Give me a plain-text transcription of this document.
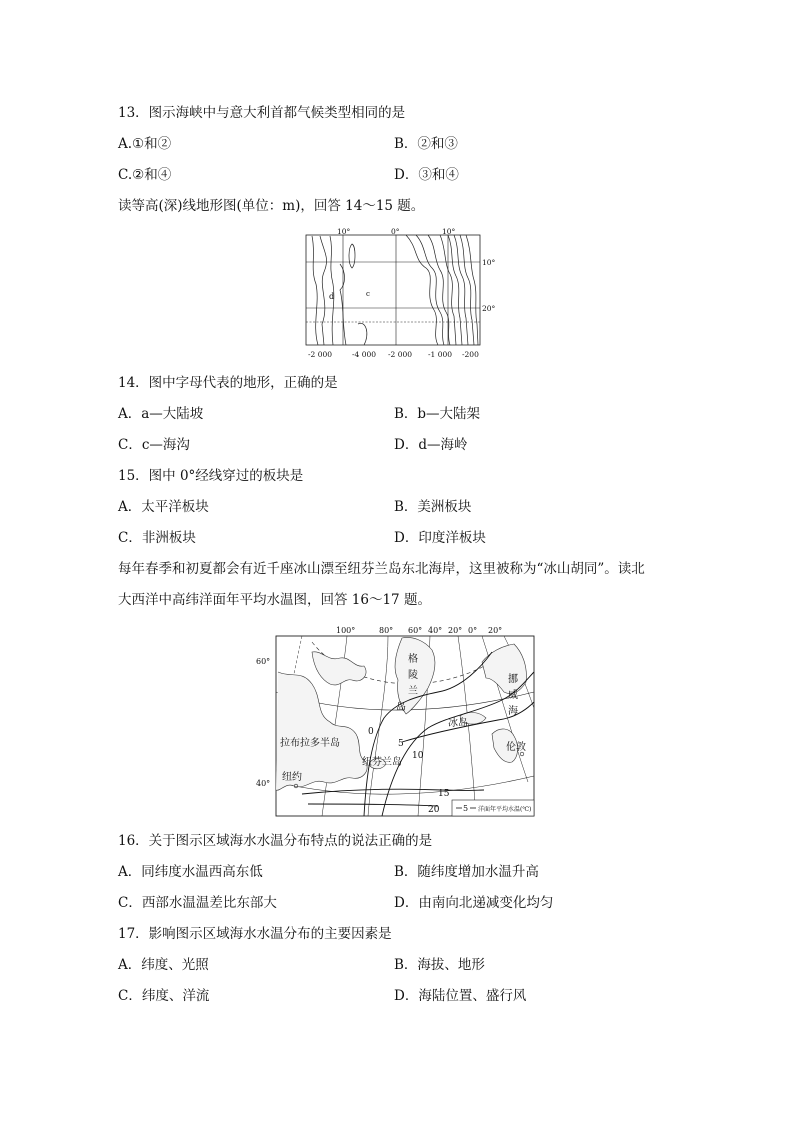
13．图示海峡中与意大利首都气候类型相同的是
A.①和②	B．②和③
C.②和④	D．③和④
读等高(深)线地形图(单位：m)，回答 14～15 题。
10°	0°	10°
10°
20°
d	c
-2 000	-4 000 -2 000 -1 000 -200
14．图中字母代表的地形，正确的是
A．a—大陆坡	B．b—大陆架
C．c—海沟	D．d—海岭
15．图中 0°经线穿过的板块是
A．太平洋板块	B．美洲板块
C．非洲板块	D．印度洋板块
每年春季和初夏都会有近千座冰山漂至纽芬兰岛东北海岸，这里被称为“冰山胡同”。读北
大西洋中高纬洋面年平均水温图，回答 16～17 题。
5 洋面年平均水温(℃)
100°	80° 60° 40° 20° 0° 20°
60°
40°
格
陵
兰
岛
挪
威
海
冰岛
拉布拉多半岛
纽芬兰岛
伦敦
纽约
0
5
10
15
20
16．关于图示区域海水水温分布特点的说法正确的是
A．同纬度水温西高东低	B．随纬度增加水温升高
C．西部水温温差比东部大	D．由南向北递减变化均匀
17．影响图示区域海水水温分布的主要因素是
A．纬度、光照	B．海拔、地形
C．纬度、洋流	D．海陆位置、盛行风
